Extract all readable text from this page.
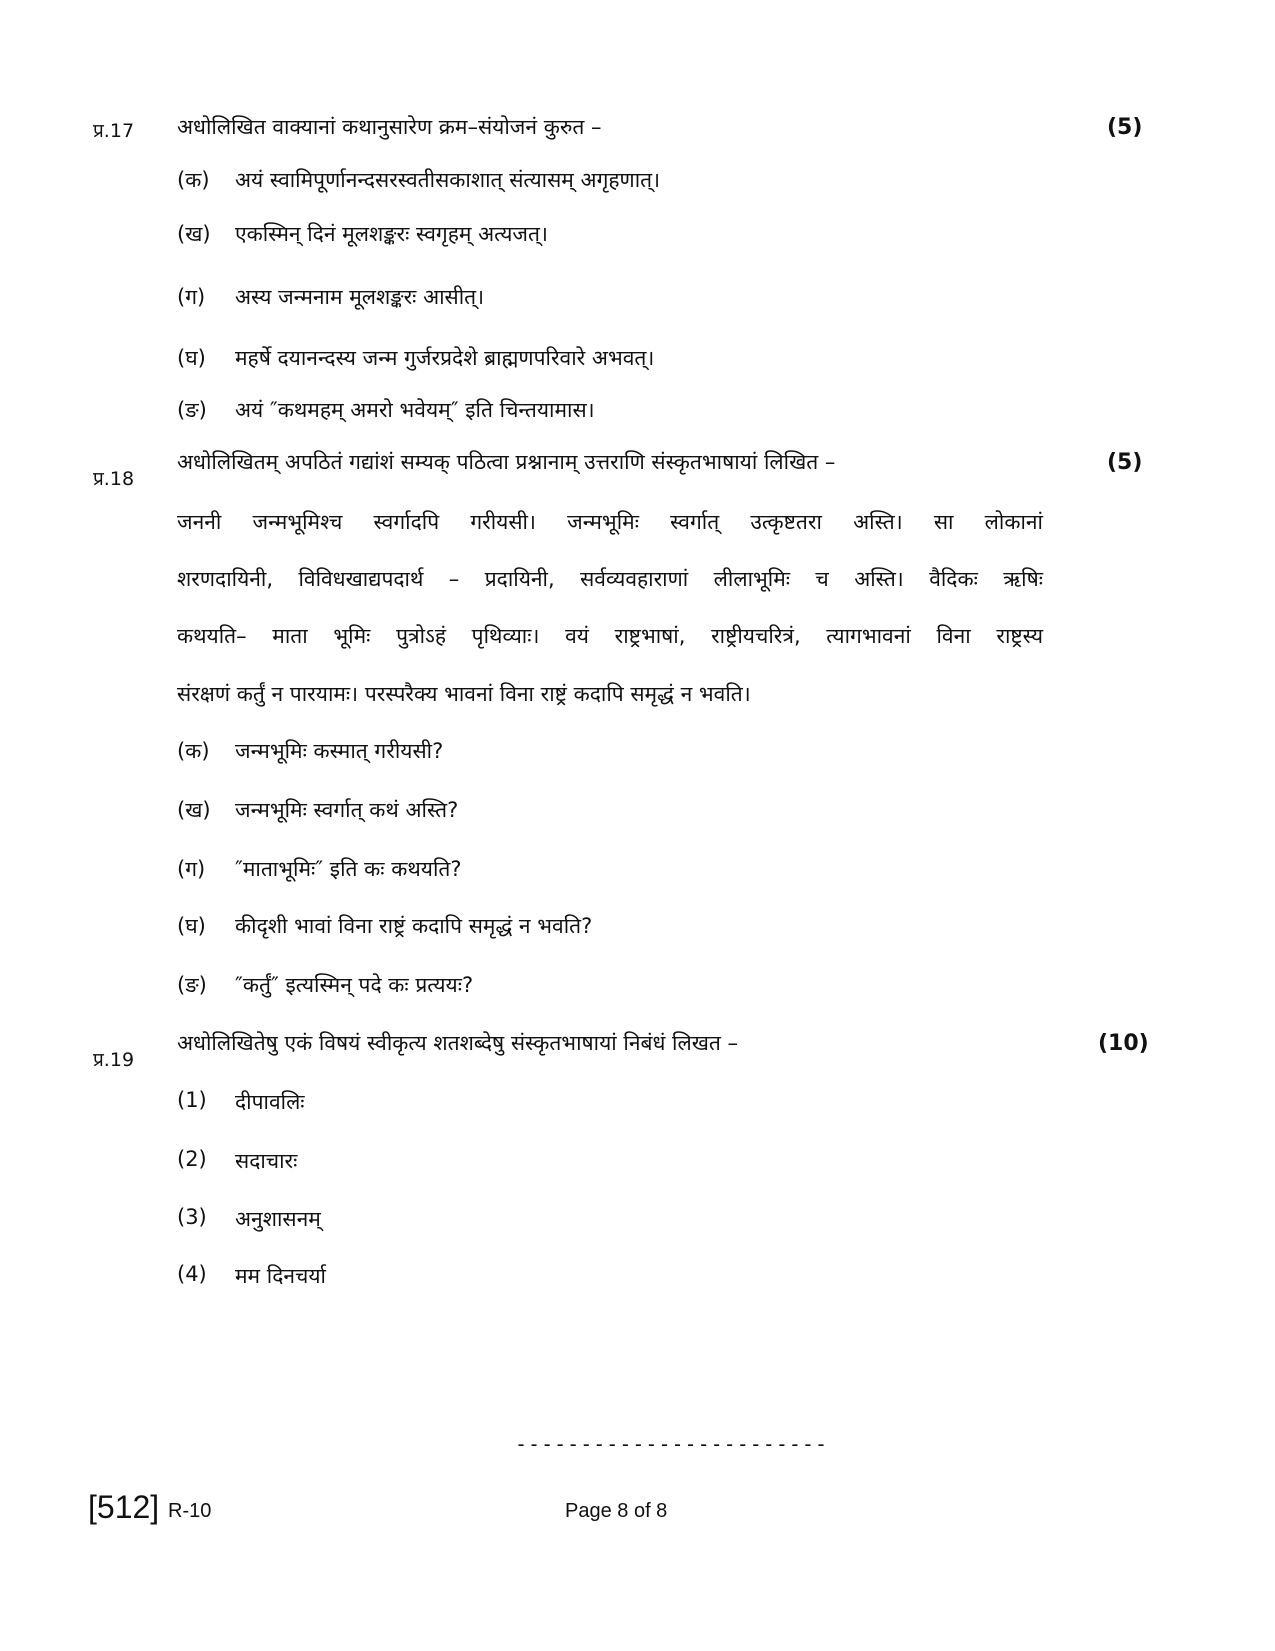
प्र.17 अधोलिखित वाक्यानां कथानुसारेण क्रम–संयोजनं कुरुत –	(5)
(क) अयं स्वामिपूर्णानन्दसरस्वतीसकाशात् संत्यासम् अगृहणात्।
(ख) एकस्मिन् दिनं मूलशङ्करः स्वगृहम् अत्यजत्।
(ग) अस्य जन्मनाम मूलशङ्करः आसीत्।
(घ) महर्षे दयानन्दस्य जन्म गुर्जरप्रदेशे ब्राह्मणपरिवारे अभवत्।
(ङ) अयं ″कथमहम् अमरो भवेयम्″ इति चिन्तयामास।
प्र.18
अधोलिखितम् अपठितं गद्यांशं सम्यक् पठित्वा प्रश्नानाम् उत्तराणि संस्कृतभाषायां लिखित –	(5)
जननी जन्मभूमिश्च स्वर्गादपि गरीयसी। जन्मभूमिः स्वर्गात् उत्कृष्टतरा अस्ति। सा लोकानां
शरणदायिनी, विविधखाद्यपदार्थ – प्रदायिनी, सर्वव्यवहाराणां लीलाभूमिः च अस्ति। वैदिकः ऋषिः
कथयति– माता भूमिः पुत्रोऽहं पृथिव्याः। वयं राष्ट्रभाषां, राष्ट्रीयचरित्रं, त्यागभावनां विना राष्ट्रस्य
संरक्षणं कर्तुं न पारयामः। परस्परैक्य भावनां विना राष्ट्रं कदापि समृद्धं न भवति।
(क) जन्मभूमिः कस्मात् गरीयसी?
(ख) जन्मभूमिः स्वर्गात् कथं अस्ति?
(ग) ″माताभूमिः″ इति कः कथयति?
(घ) कीदृशी भावां विना राष्ट्रं कदापि समृद्धं न भवति?
(ङ) ″कर्तुं″ इत्यस्मिन् पदे कः प्रत्ययः?
प्र.19
अधोलिखितेषु एकं विषयं स्वीकृत्य शतशब्देषु संस्कृतभाषायां निबंधं लिखत –	(10)
(1) दीपावलिः
(2) सदाचारः
(3) अनुशासनम्
(4) मम दिनचर्या
------------------------
[512] R-10	Page 8 of 8
